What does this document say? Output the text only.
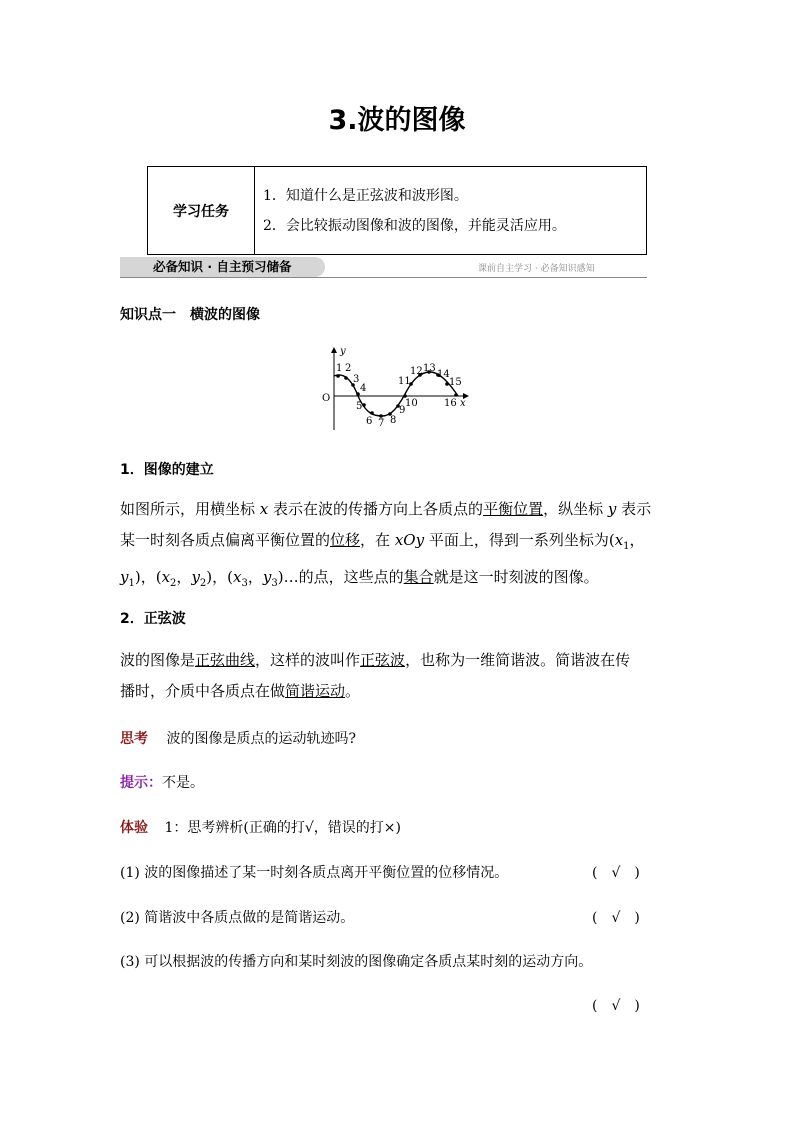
3.波的图像
学习任务	
1．知道什么是正弦波和波形图。
2．会比较振动图像和波的图像，并能灵活应用。
必备知识 · 自主预习储备	课前自主学习 · 必备知识感知
知识点一　横波的图像
1 2
3
4
5
6 7 8
9
10
11
12 13
14
15
16
O
y
x
1．图像的建立
如图所示，用横坐标 x 表示在波的传播方向上各质点的平衡位置，纵坐标 y 表示
某一时刻各质点偏离平衡位置的位移，在 xOy 平面上，得到一系列坐标为($x_1$，
$y_1$)，($x_2$，$y_2$)，($x_3$，$y_3)\dots$的点，这些点的集合就是这一时刻波的图像。
2．正弦波
波的图像是正弦曲线，这样的波叫作正弦波，也称为一维简谐波。简谐波在传
播时，介质中各质点在做简谐运动。
思考 波的图像是质点的运动轨迹吗?
提示：不是。
体验 1：思考辨析(正确的打√，错误的打×)
(1) 波的图像描述了某一时刻各质点离开平衡位置的位移情况。	(　√　)
(2) 简谐波中各质点做的是简谐运动。	(　√　)
(3) 可以根据波的传播方向和某时刻波的图像确定各质点某时刻的运动方向。
(　√　)
